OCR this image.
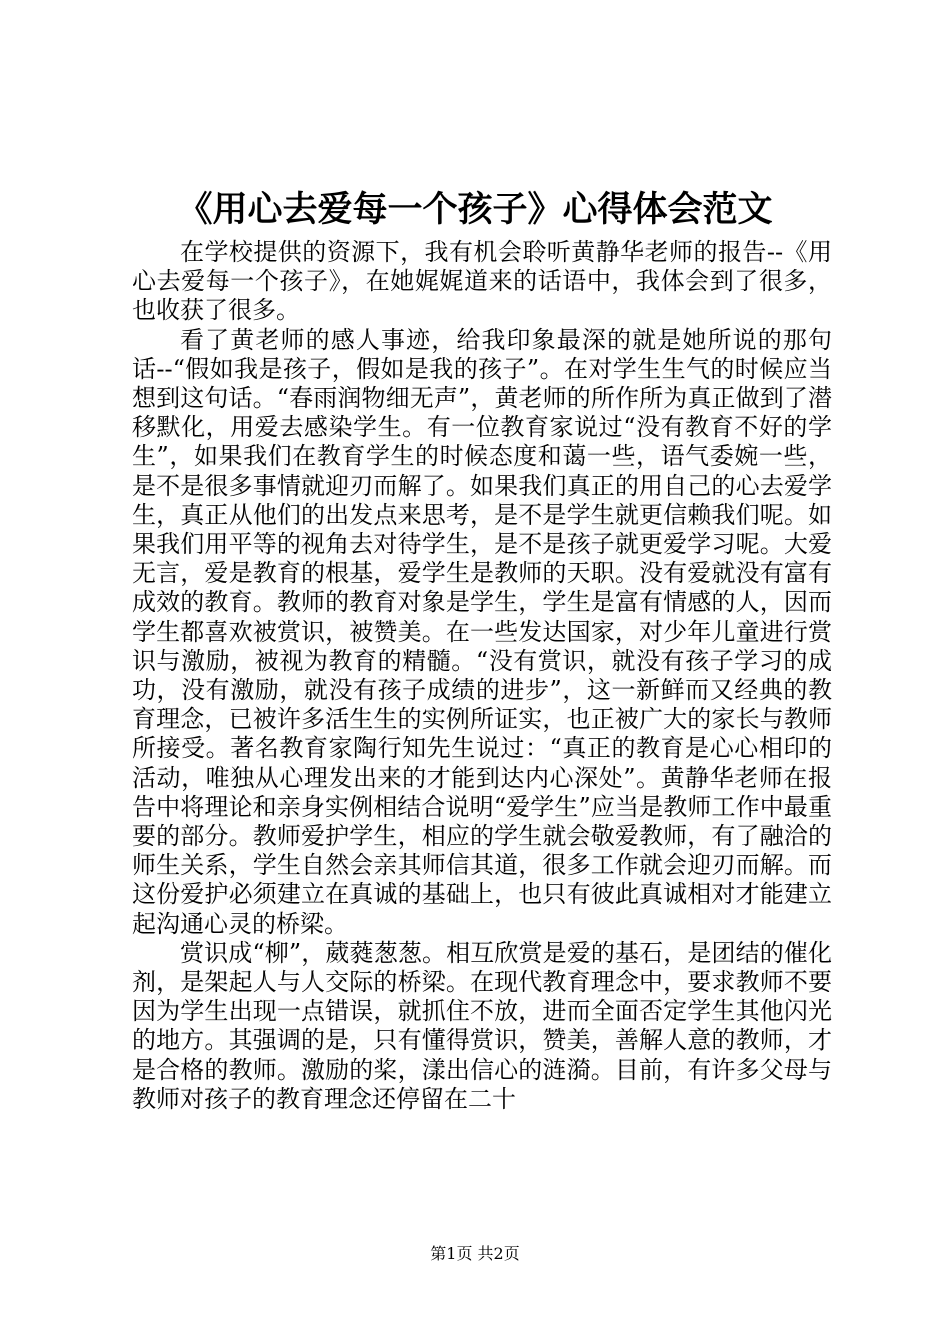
《用心去爱每一个孩子》心得体会范文

在学校提供的资源下，我有机会聆听黄静华老师的报告--《用心去爱每一个孩子》，在她娓娓道来的话语中，我体会到了很多，也收获了很多。

看了黄老师的感人事迹，给我印象最深的就是她所说的那句话--“假如我是孩子，假如是我的孩子”。在对学生生气的时候应当想到这句话。“春雨润物细无声”，黄老师的所作所为真正做到了潜移默化，用爱去感染学生。有一位教育家说过“没有教育不好的学生”，如果我们在教育学生的时候态度和蔼一些，语气委婉一些，是不是很多事情就迎刃而解了。如果我们真正的用自己的心去爱学生，真正从他们的出发点来思考，是不是学生就更信赖我们呢。如果我们用平等的视角去对待学生，是不是孩子就更爱学习呢。大爱无言，爱是教育的根基，爱学生是教师的天职。没有爱就没有富有成效的教育。教师的教育对象是学生，学生是富有情感的人，因而学生都喜欢被赏识，被赞美。在一些发达国家，对少年儿童进行赏识与激励，被视为教育的精髓。“没有赏识，就没有孩子学习的成功，没有激励，就没有孩子成绩的进步”，这一新鲜而又经典的教育理念，已被许多活生生的实例所证实，也正被广大的家长与教师所接受。著名教育家陶行知先生说过：“真正的教育是心心相印的活动，唯独从心理发出来的才能到达内心深处”。黄静华老师在报告中将理论和亲身实例相结合说明“爱学生”应当是教师工作中最重要的部分。教师爱护学生，相应的学生就会敬爱教师，有了融洽的师生关系，学生自然会亲其师信其道，很多工作就会迎刃而解。而这份爱护必须建立在真诚的基础上，也只有彼此真诚相对才能建立起沟通心灵的桥梁。

赏识成“柳”，葳蕤葱葱。相互欣赏是爱的基石，是团结的催化剂，是架起人与人交际的桥梁。在现代教育理念中，要求教师不要因为学生出现一点错误，就抓住不放，进而全面否定学生其他闪光的地方。其强调的是，只有懂得赏识，赞美，善解人意的教师，才是合格的教师。激励的桨，漾出信心的涟漪。目前，有许多父母与教师对孩子的教育理念还停留在二十

第1页 共2页
